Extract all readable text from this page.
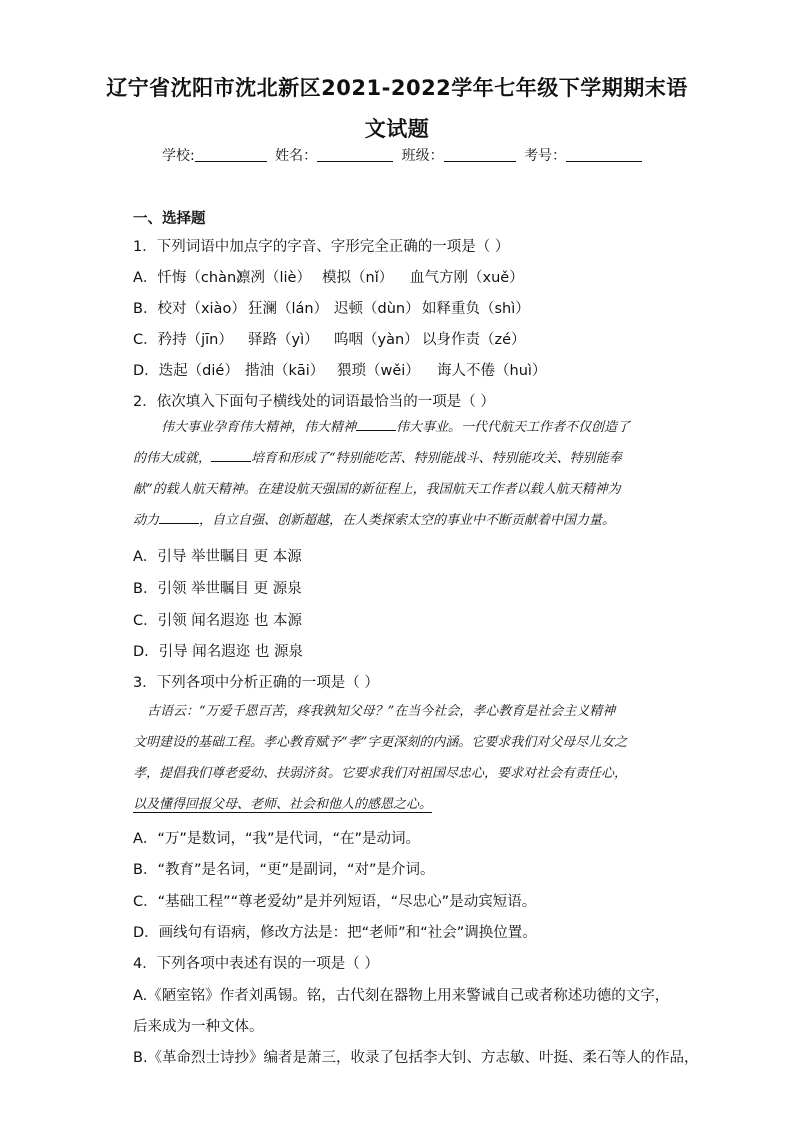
辽宁省沈阳市沈北新区2021-2022学年七年级下学期期末语
文试题
学校:	姓名：	班级：	考号：
一、选择题
1．下列词语中加点字的字音、字形完全正确的一项是（ ）
A．忏悔（chàn）凛冽（liè） 模拟（nǐ） 血气方刚（xuě）
B．校对（xiào） 狂澜（lán） 迟顿（dùn） 如释重负（shì）
C．矜持（jīn） 驿路（yì） 呜咽（yàn） 以身作责（zé）
D．迭起（dié） 揩油（kāi） 猥琐（wěi） 诲人不倦（huì）
2．依次填入下面句子横线处的词语最恰当的一项是（ ）
伟大事业孕育伟大精神，伟大精神	伟大事业。一代代航天工作者不仅创造了
的伟大成就，	培育和形成了“特别能吃苦、特别能战斗、特别能攻关、特别能奉
献”的载人航天精神。在建设航天强国的新征程上，我国航天工作者以载人航天精神为
动力	，自立自强、创新超越，在人类探索太空的事业中不断贡献着中国力量。
A．引导 举世瞩目 更 本源
B．引领 举世瞩目 更 源泉
C．引领 闻名遐迩 也 本源
D．引导 闻名遐迩 也 源泉
3．下列各项中分析正确的一项是（ ）
古语云：“万爱千恩百苦，疼我孰知父母？”在当今社会，孝心教育是社会主义精神
文明建设的基础工程。孝心教育赋予“孝”字更深刻的内涵。它要求我们对父母尽儿女之
孝，提倡我们尊老爱幼、扶弱济贫。它要求我们对祖国尽忠心，要求对社会有责任心，
以及懂得回报父母、老师、社会和他人的感恩之心。
A．“万”是数词，“我”是代词，“在”是动词。
B．“教育”是名词，“更”是副词，“对”是介词。
C．“基础工程”“尊老爱幼”是并列短语，“尽忠心”是动宾短语。
D．画线句有语病，修改方法是：把“老师”和“社会”调换位置。
4．下列各项中表述有误的一项是（ ）
A.《陋室铭》作者刘禹锡。铭，古代刻在器物上用来警诫自己或者称述功德的文字，
后来成为一种文体。
B.《革命烈士诗抄》编者是萧三，收录了包括李大钊、方志敏、叶挺、柔石等人的作品，
